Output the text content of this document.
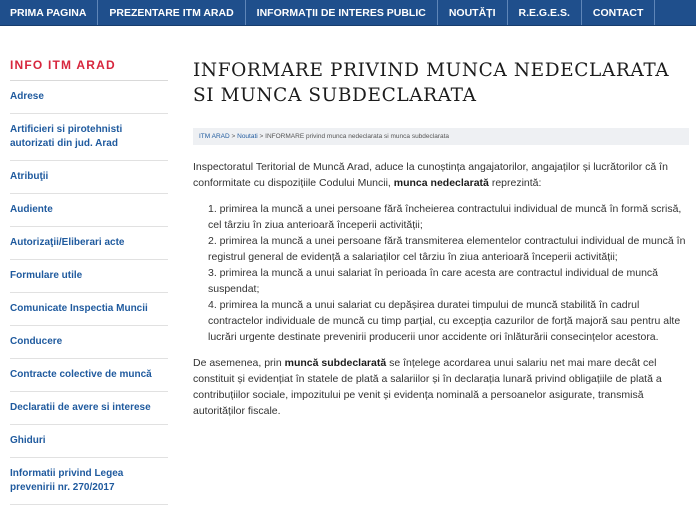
PRIMA PAGINA	PREZENTARE ITM ARAD	INFORMAȚII DE INTERES PUBLIC	NOUTĂȚI	R.E.G.E.S.	CONTACT
INFO ITM ARAD
Adrese
Artificieri si pirotehnisti autorizati din jud. Arad
Atribuţii
Audiente
Autorizaţii/Eliberari acte
Formulare utile
Comunicate Inspectia Muncii
Conducere
Contracte colective de muncă
Declaratii de avere si interese
Ghiduri
Informatii privind Legea prevenirii nr. 270/2017
INFORMARE PRIVIND MUNCA NEDECLARATA SI MUNCA SUBDECLARATA
ITM ARAD > Noutati > INFORMARE privind munca nedeclarata si munca subdeclarata

Inspectoratul Teritorial de Muncă Arad, aduce la cunoștința angajatorilor, angajaților și lucrătorilor că în conformitate cu dispozițiile Codului Muncii, munca nedeclarată reprezintă:

1. primirea la muncă a unei persoane fără încheierea contractului individual de muncă în formă scrisă, cel târziu în ziua anterioară începerii activității;
2. primirea la muncă a unei persoane fără transmiterea elementelor contractului individual de muncă în registrul general de evidență a salariaților cel târziu în ziua anterioară începerii activității;
3. primirea la muncă a unui salariat în perioada în care acesta are contractul individual de muncă suspendat;
4. primirea la muncă a unui salariat cu depășirea duratei timpului de muncă stabilită în cadrul contractelor individuale de muncă cu timp parțial, cu excepția cazurilor de forță majoră sau pentru alte lucrări urgente destinate prevenirii producerii unor accidente ori înlăturării consecințelor acestora.

De asemenea, prin muncă subdeclarată se înțelege acordarea unui salariu net mai mare decât cel constituit și evidențiat în statele de plată a salariilor și în declarația lunară privind obligațiile de plată a contribuțiilor sociale, impozitului pe venit și evidența nominală a persoanelor asigurate, transmisă autorităților fiscale.
